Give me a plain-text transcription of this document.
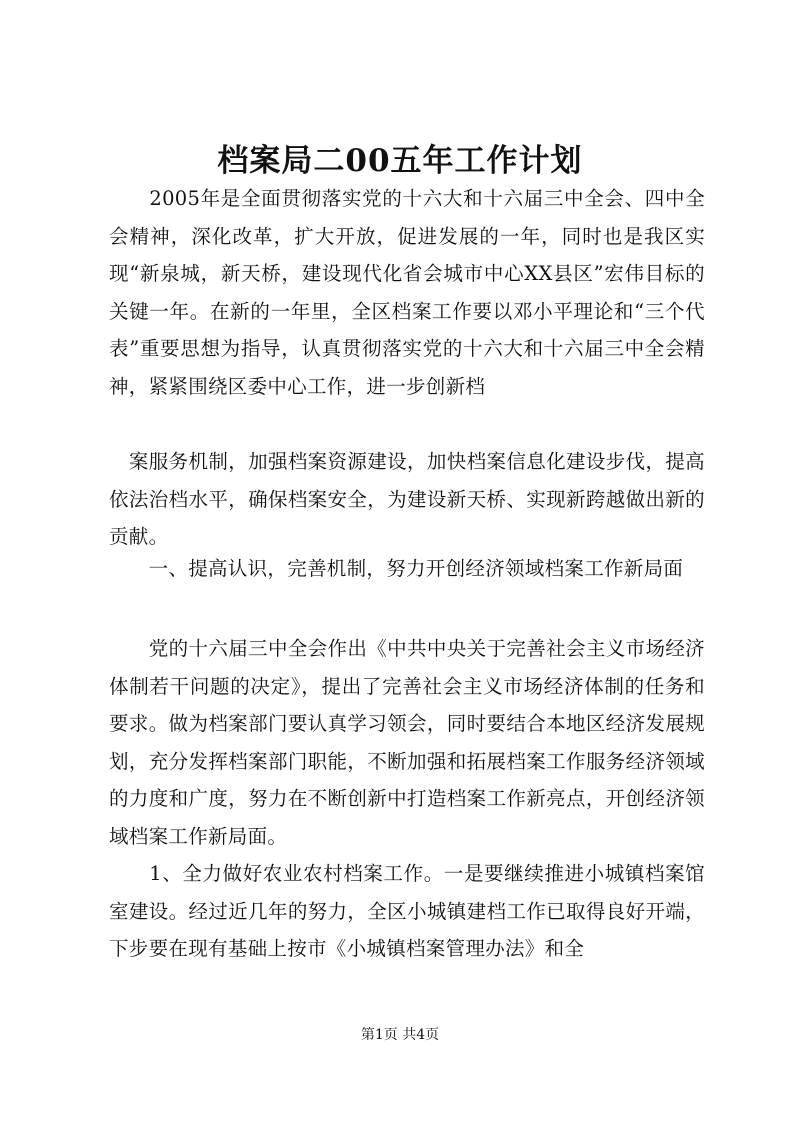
档案局二00五年工作计划

　　2005年是全面贯彻落实党的十六大和十六届三中全会、四中全会精神，深化改革，扩大开放，促进发展的一年，同时也是我区实现“新泉城，新天桥，建设现代化省会城市中心XX县区”宏伟目标的关键一年。在新的一年里，全区档案工作要以邓小平理论和“三个代表”重要思想为指导，认真贯彻落实党的十六大和十六届三中全会精神，紧紧围绕区委中心工作，进一步创新档

　案服务机制，加强档案资源建设，加快档案信息化建设步伐，提高依法治档水平，确保档案安全，为建设新天桥、实现新跨越做出新的贡献。

　　一、提高认识，完善机制，努力开创经济领域档案工作新局面

　　党的十六届三中全会作出《中共中央关于完善社会主义市场经济体制若干问题的决定》，提出了完善社会主义市场经济体制的任务和要求。做为档案部门要认真学习领会，同时要结合本地区经济发展规划，充分发挥档案部门职能，不断加强和拓展档案工作服务经济领域的力度和广度，努力在不断创新中打造档案工作新亮点，开创经济领域档案工作新局面。

　　1、全力做好农业农村档案工作。一是要继续推进小城镇档案馆室建设。经过近几年的努力，全区小城镇建档工作已取得良好开端，下步要在现有基础上按市《小城镇档案管理办法》和全

第1页 共4页
